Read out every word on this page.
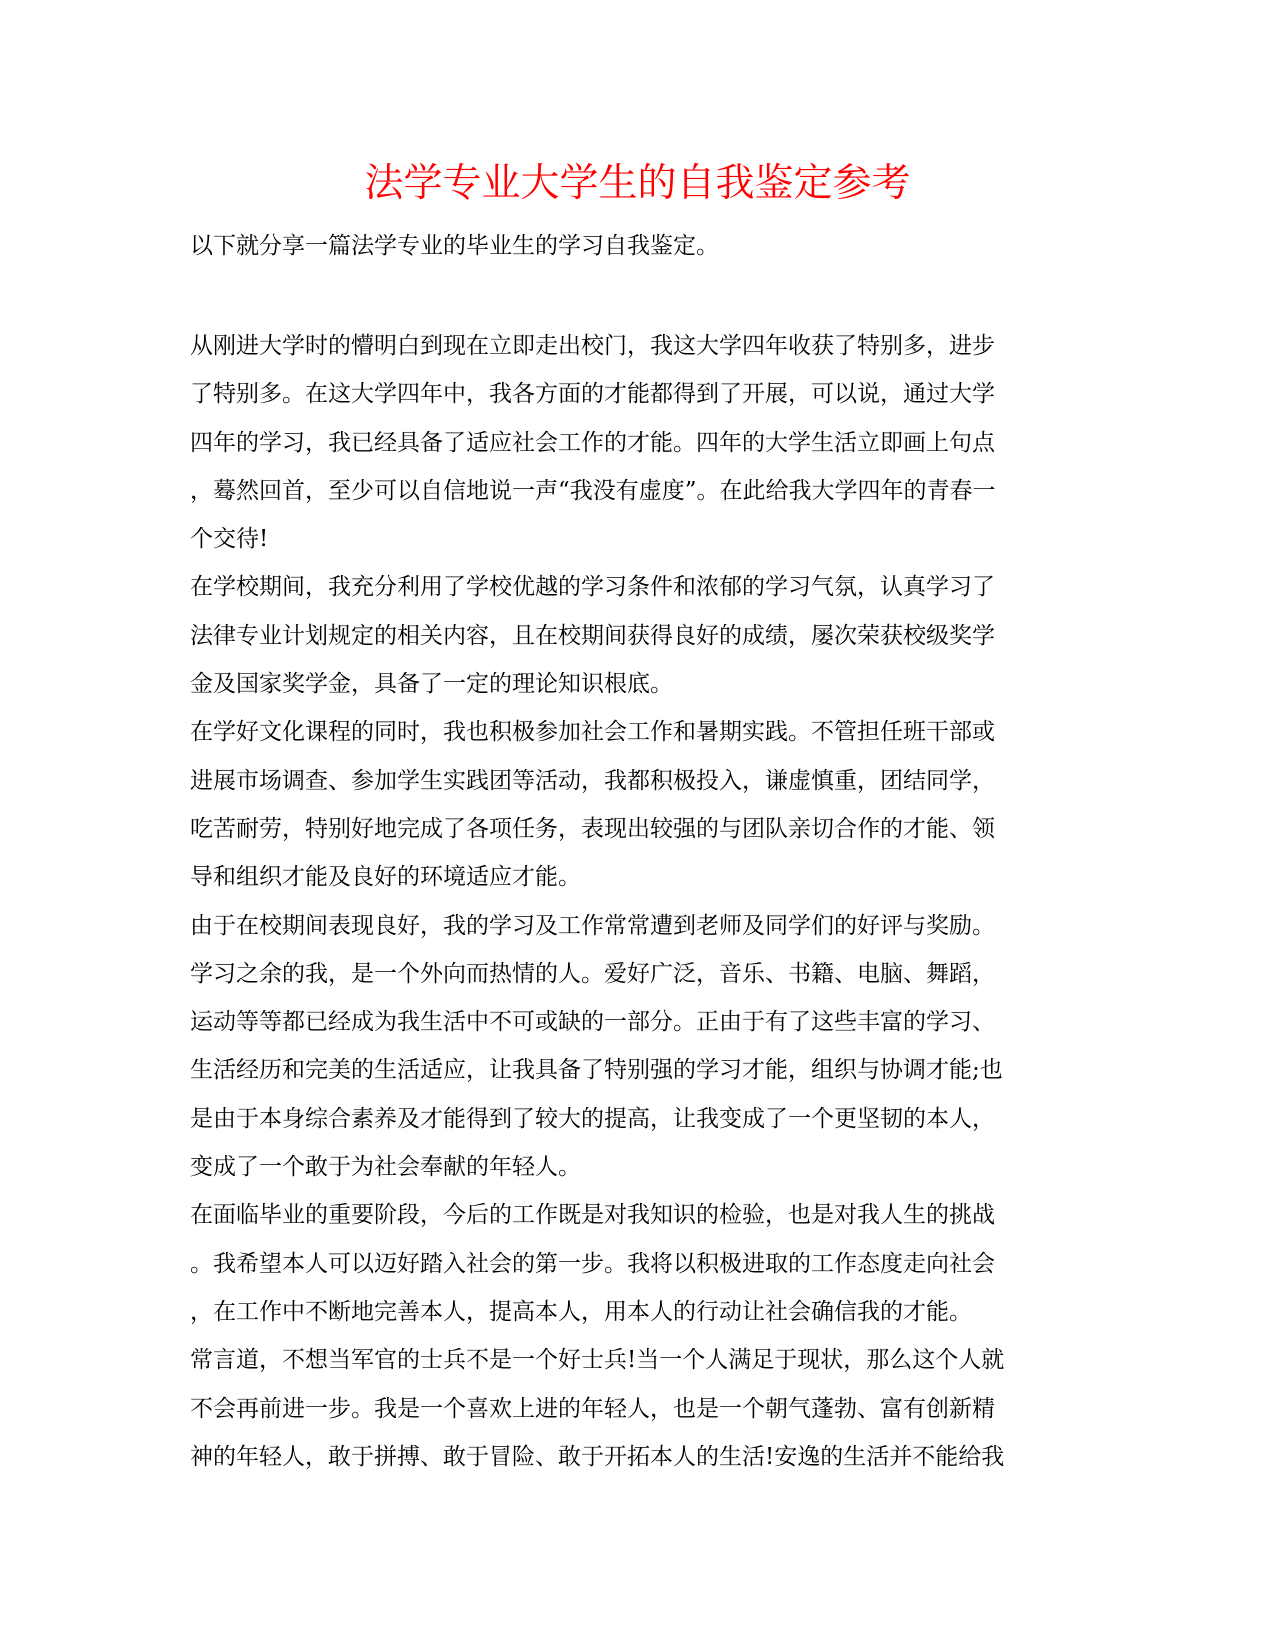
法学专业大学生的自我鉴定参考
以下就分享一篇法学专业的毕业生的学习自我鉴定。
从刚进大学时的懵明白到现在立即走出校门，我这大学四年收获了特别多，进步
了特别多。在这大学四年中，我各方面的才能都得到了开展，可以说，通过大学
四年的学习，我已经具备了适应社会工作的才能。四年的大学生活立即画上句点
，蓦然回首，至少可以自信地说一声“我没有虚度”。在此给我大学四年的青春一
个交待!
在学校期间，我充分利用了学校优越的学习条件和浓郁的学习气氛，认真学习了
法律专业计划规定的相关内容，且在校期间获得良好的成绩，屡次荣获校级奖学
金及国家奖学金，具备了一定的理论知识根底。
在学好文化课程的同时，我也积极参加社会工作和暑期实践。不管担任班干部或
进展市场调查、参加学生实践团等活动，我都积极投入，谦虚慎重，团结同学，
吃苦耐劳，特别好地完成了各项任务，表现出较强的与团队亲切合作的才能、领
导和组织才能及良好的环境适应才能。
由于在校期间表现良好，我的学习及工作常常遭到老师及同学们的好评与奖励。
学习之余的我，是一个外向而热情的人。爱好广泛，音乐、书籍、电脑、舞蹈，
运动等等都已经成为我生活中不可或缺的一部分。正由于有了这些丰富的学习、
生活经历和完美的生活适应，让我具备了特别强的学习才能，组织与协调才能;也
是由于本身综合素养及才能得到了较大的提高，让我变成了一个更坚韧的本人，
变成了一个敢于为社会奉献的年轻人。
在面临毕业的重要阶段，今后的工作既是对我知识的检验，也是对我人生的挑战
。我希望本人可以迈好踏入社会的第一步。我将以积极进取的工作态度走向社会
，在工作中不断地完善本人，提高本人，用本人的行动让社会确信我的才能。
常言道，不想当军官的士兵不是一个好士兵!当一个人满足于现状，那么这个人就
不会再前进一步。我是一个喜欢上进的年轻人，也是一个朝气蓬勃、富有创新精
神的年轻人，敢于拼搏、敢于冒险、敢于开拓本人的生活!安逸的生活并不能给我
